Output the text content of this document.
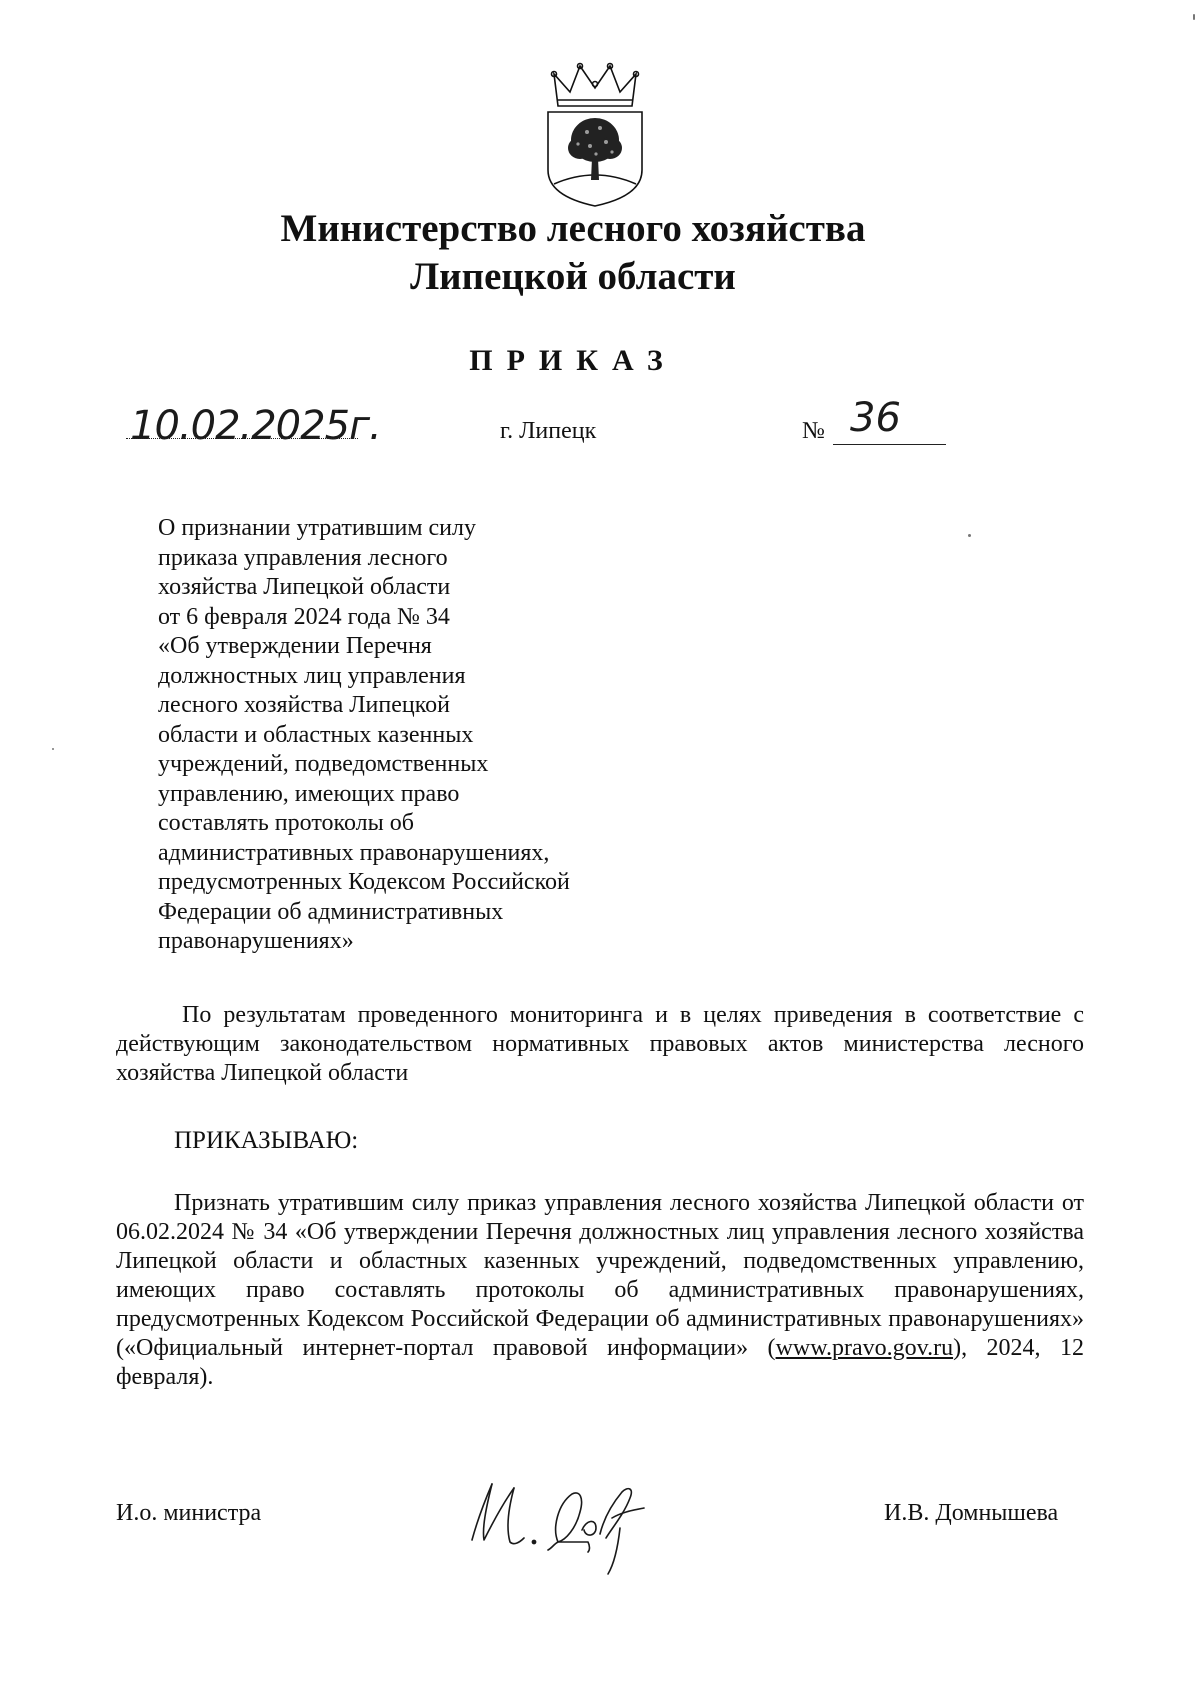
Министерство лесного хозяйства
Липецкой области
ПРИКАЗ
10.02.2025г.	г. Липецк	№ 36
О признании утратившим силу
приказа управления лесного
хозяйства Липецкой области
от 6 февраля 2024 года № 34
«Об утверждении Перечня
должностных лиц управления
лесного хозяйства Липецкой
области и областных казенных
учреждений, подведомственных
управлению, имеющих право
составлять протоколы об
административных правонарушениях,
предусмотренных Кодексом Российской
Федерации об административных
правонарушениях»
По результатам проведенного мониторинга и в целях приведения в соответствие с действующим законодательством нормативных правовых актов министерства лесного хозяйства Липецкой области
ПРИКАЗЫВАЮ:
Признать утратившим силу приказ управления лесного хозяйства Липецкой области от 06.02.2024 № 34 «Об утверждении Перечня должностных лиц управления лесного хозяйства Липецкой области и областных казенных учреждений, подведомственных управлению, имеющих право составлять протоколы об административных правонарушениях, предусмотренных Кодексом Российской Федерации об административных правонарушениях» («Официальный интернет-портал правовой информации» (www.pravo.gov.ru), 2024, 12 февраля).
И.о. министра	И.В. Домнышева
